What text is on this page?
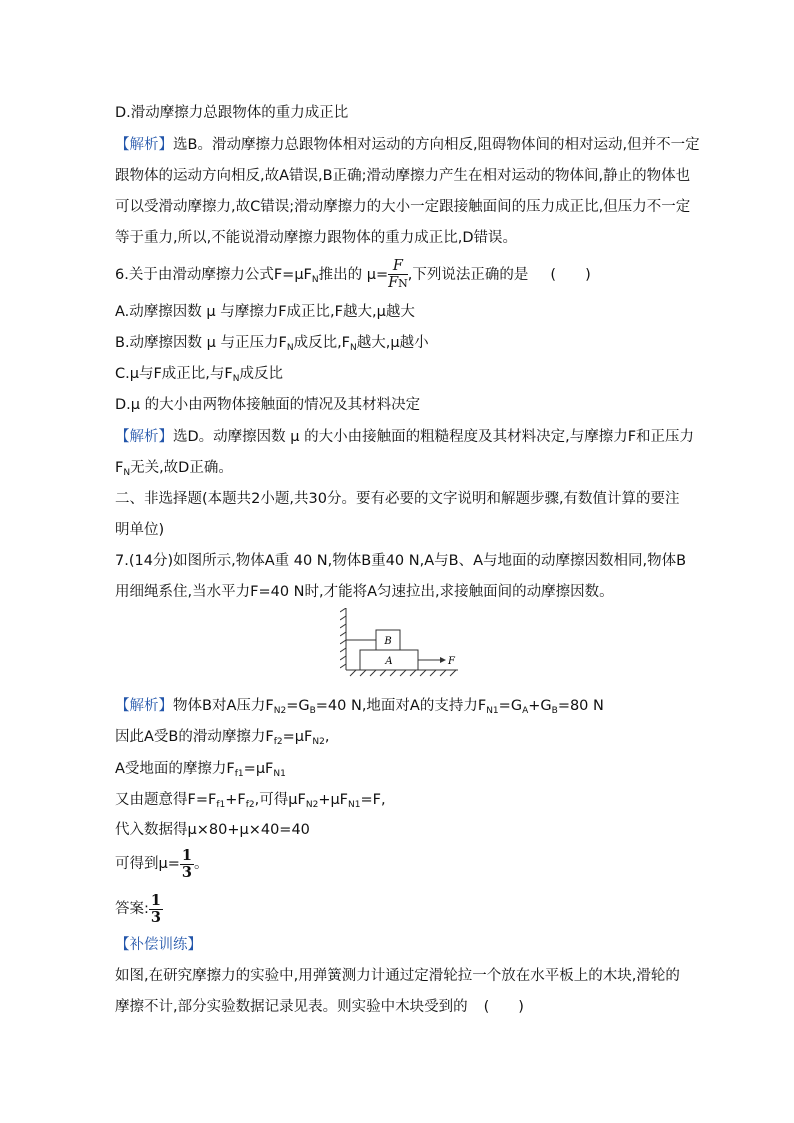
D.滑动摩擦力总跟物体的重力成正比
【解析】选B。滑动摩擦力总跟物体相对运动的方向相反,阻碍物体间的相对运动,但并不一定
跟物体的运动方向相反,故A错误,B正确;滑动摩擦力产生在相对运动的物体间,静止的物体也
可以受滑动摩擦力,故C错误;滑动摩擦力的大小一定跟接触面间的压力成正比,但压力不一定
等于重力,所以,不能说滑动摩擦力跟物体的重力成正比,D错误。
6.关于由滑动摩擦力公式$F=\mu F_N$推出的 $\mu= \frac{F}{FN}$ ,下列说法正确的是 (　　)
A.动摩擦因数 μ 与摩擦力F成正比,F越大,μ越大
B.动摩擦因数 μ 与正压力$F_N$成反比$,F_N$越大,μ越小
C.μ与F成正比,与$F_N$成反比
D.μ 的大小由两物体接触面的情况及其材料决定
【解析】选D。动摩擦因数 μ 的大小由接触面的粗糙程度及其材料决定,与摩擦力F和正压力
$F_N$无关,故D正确。
二、非选择题(本题共2小题,共30分。要有必要的文字说明和解题步骤,有数值计算的要注
明单位)
7.(14分)如图所示,物体A重 40 N,物体B重40 N,A与B、A与地面的动摩擦因数相同,物体B
用细绳系住,当水平力F=40 N时,才能将A匀速拉出,求接触面间的动摩擦因数。
B
A	F
【解析】物体B对A压力$F_{N2}=G_B=40$ N,地面对A的支持力$F_{N1}=G_A+G_B=80$ N
因此A受B的滑动摩擦力$F_{f2}=\mu F_{N2}$,
A受地面的摩擦力$F_{f1}=\mu F_{N1}$
又由题意得$F=F_{f1}+F_{f2}$,可得$\mu F_{N2}+\mu F_{N1}=F$,
代入数据得μ×80+μ×40=40
可得到$\mu= \frac{1}{3}$ 。
答案: $\frac{1}{3}$
【补偿训练】
如图,在研究摩擦力的实验中,用弹簧测力计通过定滑轮拉一个放在水平板上的木块,滑轮的
摩擦不计,部分实验数据记录见表。则实验中木块受到的 (　　)
